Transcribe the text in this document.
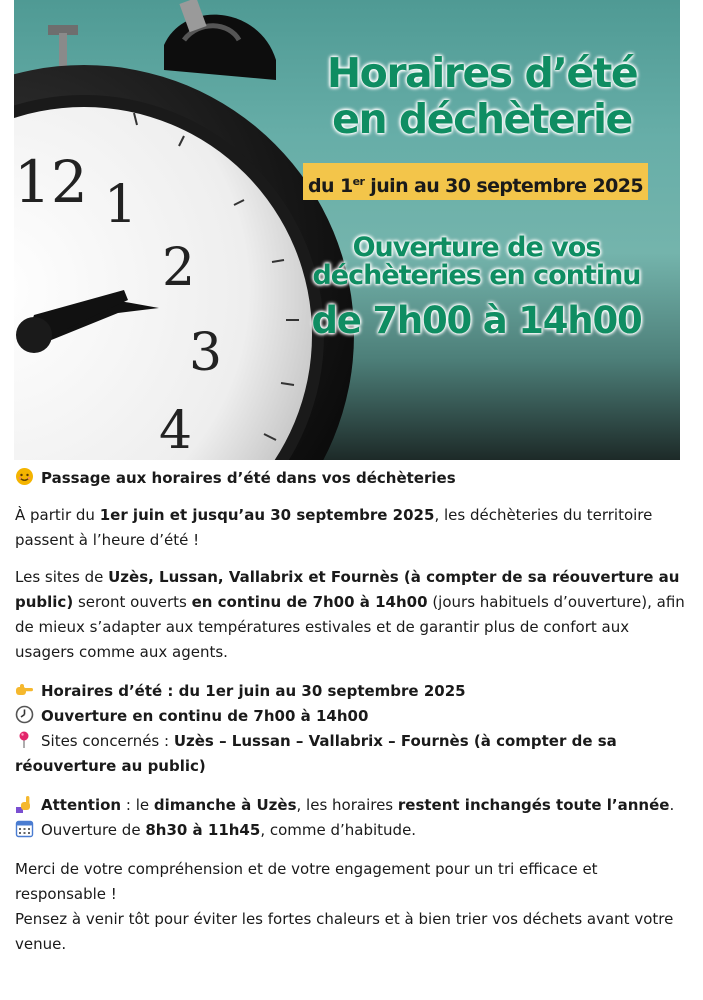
12 1
2
3
4
Horaires d’été
en déchèterie
du 1er juin au 30 septembre 2025
Ouverture de vos
déchèteries en continu
de 7h00 à 14h00

Passage aux horaires d’été dans vos déchèteries

À partir du 1er juin et jusqu’au 30 septembre 2025, les déchèteries du territoire passent à l’heure d’été !

Les sites de Uzès, Lussan, Vallabrix et Fournès (à compter de sa réouverture au public) seront ouverts en continu de 7h00 à 14h00 (jours habituels d’ouverture), afin de mieux s’adapter aux températures estivales et de garantir plus de confort aux usagers comme aux agents.

Horaires d’été : du 1er juin au 30 septembre 2025

Ouverture en continu de 7h00 à 14h00

Sites concernés : Uzès – Lussan – Vallabrix – Fournès (à compter de sa réouverture au public)

Attention : le dimanche à Uzès, les horaires restent inchangés toute l’année.

Ouverture de 8h30 à 11h45, comme d’habitude.

Merci de votre compréhension et de votre engagement pour un tri efficace et responsable !

Pensez à venir tôt pour éviter les fortes chaleurs et à bien trier vos déchets avant votre venue.
